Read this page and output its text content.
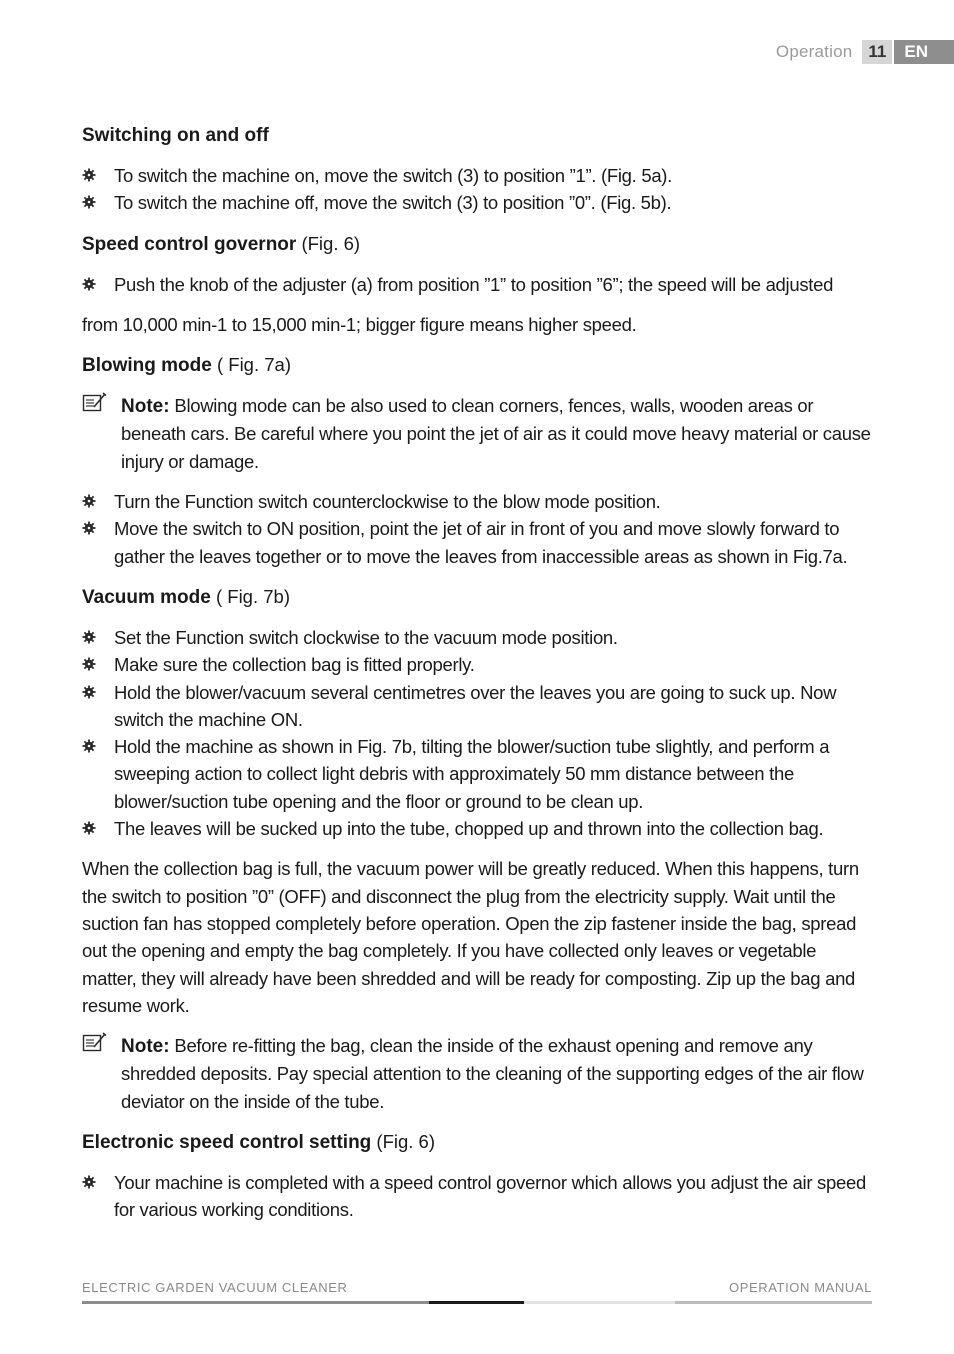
Operation 11	EN
Switching on and off
To switch the machine on, move the switch (3) to position ”1”. (Fig. 5a).
To switch the machine off, move the switch (3) to position ”0”. (Fig. 5b).
Speed control governor (Fig. 6)
Push the knob of the adjuster (a) from position ”1” to position ”6”; the speed will be adjusted

from 10,000 min-1 to 15,000 min-1; bigger figure means higher speed.

Blowing mode ( Fig. 7a)
Note: Blowing mode can be also used to clean corners, fences, walls, wooden areas or beneath cars. Be careful where you point the jet of air as it could move heavy material or cause injury or damage.
Turn the Function switch counterclockwise to the blow mode position.
Move the switch to ON position, point the jet of air in front of you and move slowly forward to gather the leaves together or to move the leaves from inaccessible areas as shown in Fig.7a.
Vacuum mode ( Fig. 7b)
Set the Function switch clockwise to the vacuum mode position.
Make sure the collection bag is fitted properly.
Hold the blower/vacuum several centimetres over the leaves you are going to suck up. Now switch the machine ON.
Hold the machine as shown in Fig. 7b, tilting the blower/suction tube slightly, and perform a sweeping action to collect light debris with approximately 50 mm distance between the blower/suction tube opening and the floor or ground to be clean up.
The leaves will be sucked up into the tube, chopped up and thrown into the collection bag.

When the collection bag is full, the vacuum power will be greatly reduced. When this happens, turn the switch to position ”0” (OFF) and disconnect the plug from the electricity supply. Wait until the suction fan has stopped completely before operation. Open the zip fastener inside the bag, spread out the opening and empty the bag completely. If you have collected only leaves or vegetable matter, they will already have been shredded and will be ready for composting. Zip up the bag and resume work.

Note: Before re-fitting the bag, clean the inside of the exhaust opening and remove any shredded deposits. Pay special attention to the cleaning of the supporting edges of the air flow deviator on the inside of the tube.
Electronic speed control setting (Fig. 6)
Your machine is completed with a speed control governor which allows you adjust the air speed for various working conditions.
ELECTRIC GARDEN VACUUM CLEANER	OPERATION MANUAL
